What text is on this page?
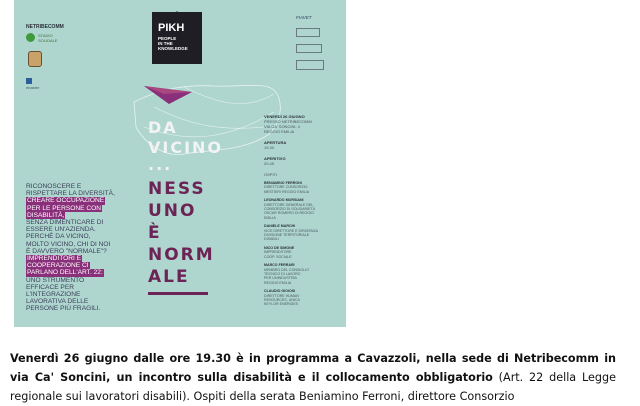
NETRIBECOMM
STADIO SOLIDALE
ebaster
PIKH
PEOPLE
IN THE
KNOWLEDGE
FIAVET
DA
VICINO
...
NESS
UNO
È
NORM
ALE
RICONOSCERE E
RISPETTARE LA DIVERSITÀ,
CREARE OCCUPAZIONE
PER LE PERSONE CON
DISABILITÀ,
SENZA DIMENTICARE DI
ESSERE UN'AZIENDA.
PERCHÈ DA VICINO,
MOLTO VICINO, CHI DI NOI
È DAVVERO "NORMALE"?
IMPRENDITORI E
COOPERAZIONE CI
PARLANO DELL'ART. 22:
UNO STRUMENTO
EFFICACE PER
L'INTEGRAZIONE
LAVORATIVA DELLE
PERSONE PIÙ FRAGILI.
VENERDÌ 26 GIUGNO
PRESSO NETRIBECOMM
VIA CA' SONCINI, 4
REGGIO EMILIA
APERTURA
19.30
APERITIVO
20.45
OSPITI
BENIAMINO FERRONI
DIRETTORE CONSORZIO
MESTIERI REGGIO EMILIA
LEONARDO MORSIANI
DIRETTORE GENERALE DEL
CONSORZIO DI SOLIDARIETÀ
OSCAR ROMERO DI REGGIO
EMILIA
DANIELE MARCHI
VICE DIRETTORE E DIRIGENZA
DIVISIONE TERRITORIALE
DISABILI
NICO DE SIMONE
IMPRENDITORE
COOP. SOCIALE
MARCO FERRARI
MEMBRO DEL CONSIGLIO
TECNICO DI LAVORO
PER UNINDUSTRIA
REGGIO EMILIA
CLAUDIO GIOIOSI
DIRETTORE HUMAN
RESOURCES, UNICA
KEYLOR ENERGIES
Venerdì 26 giugno dalle ore 19.30 è in programma a Cavazzoli, nella sede di Netribecomm in via Ca' Soncini, un incontro sulla disabilità e il collocamento obbligatorio (Art. 22 della Legge regionale sui lavoratori disabili). Ospiti della serata Beniamino Ferroni, direttore Consorzio
